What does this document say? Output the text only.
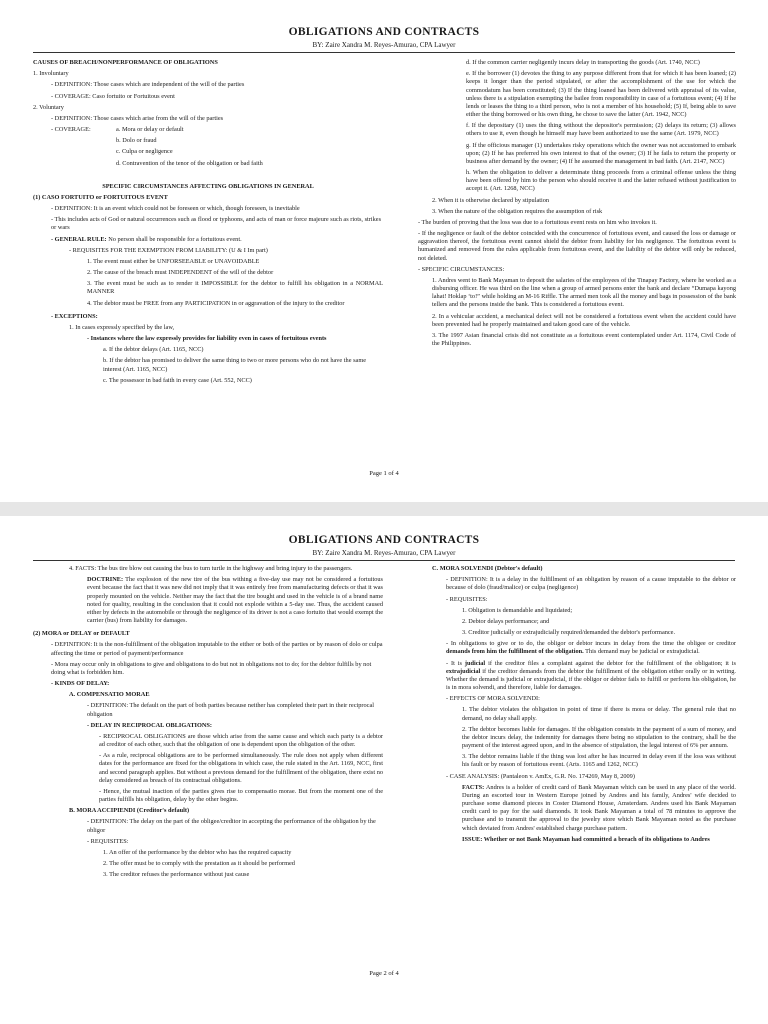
OBLIGATIONS AND CONTRACTS
BY: Zaire Xandra M. Reyes-Amurao, CPA Lawyer

CAUSES OF BREACH/NONPERFORMANCE OF OBLIGATIONS

1. Involuntary

- DEFINITION: Those cases which are independent of the will of the parties

- COVERAGE: Caso fortuito or Fortuitous event

2. Voluntary

- DEFINITION: Those cases which arise from the will of the parties

- COVERAGE:	a. Mora or delay or default

b. Dolo or fraud

c. Culpa or negligence

d. Contravention of the tenor of the obligation or bad faith

SPECIFIC CIRCUMSTANCES AFFECTING OBLIGATIONS IN GENERAL

(1) CASO FORTUITO or FORTUITOUS EVENT

- DEFINITION: It is an event which could not be foreseen or which, though foreseen, is inevitable

- This includes acts of God or natural occurrences such as flood or typhoons, and acts of man or force majeure such as riots, strikes or wars

- GENERAL RULE: No person shall be responsible for a fortuitous event.

- REQUISITES FOR THE EXEMPTION FROM LIABILITY: (U & I Im part)

1. The event must either be UNFORSEEABLE or UNAVOIDABLE

2. The cause of the breach must INDEPENDENT of the will of the debtor

3. The event must be such as to render it IMPOSSIBLE for the debtor to fulfill his obligation in a NORMAL MANNER

4. The debtor must be FREE from any PARTICIPATION in or aggravation of the injury to the creditor

- EXCEPTIONS:

1. In cases expressly specified by the law,

- Instances where the law expressly provides for liability even in cases of fortuitous events

a. If the debtor delays (Art. 1165, NCC)

b. If the debtor has promised to deliver the same thing to two or more persons who do not have the same interest (Art. 1165, NCC)

c. The possessor in bad faith in every case (Art. 552, NCC)

d. If the common carrier negligently incurs delay in transporting the goods (Art. 1740, NCC)

e. If the borrower (1) devotes the thing to any purpose different from that for which it has been loaned; (2) keeps it longer than the period stipulated, or after the accomplishment of the use for which the commodatum has been constituted; (3) If the thing loaned has been delivered with appraisal of its value, unless there is a stipulation exempting the bailee from responsibility in case of a fortuitous event; (4) If he lends or leases the thing to a third person, who is not a member of his household; (5) If, being able to save either the thing borrowed or his own thing, he chose to save the latter (Art. 1942, NCC)

f. If the depositary (1) uses the thing without the depositor's permission; (2) delays its return; (3) allows others to use it, even though he himself may have been authorized to use the same (Art. 1979, NCC)

g. If the officious manager (1) undertakes risky operations which the owner was not accustomed to embark upon; (2) If he has preferred his own interest to that of the owner; (3) If he fails to return the property or business after demand by the owner; (4) If he assumed the management in bad faith. (Art. 2147, NCC)

h. When the obligation to deliver a determinate thing proceeds from a criminal offense unless the thing have been offered by him to the person who should receive it and the latter refused without justification to accept it. (Art. 1268, NCC)

2. When it is otherwise declared by stipulation

3. When the nature of the obligation requires the assumption of risk

- The burden of proving that the loss was due to a fortuitous event rests on him who invokes it.

- If the negligence or fault of the debtor coincided with the concurrence of fortuitous event, and caused the loss or damage or aggravation thereof, the fortuitous event cannot shield the debtor from liability for his negligence. The fortuitous event is humanized and removed from the rules applicable from fortuitous event, and the liability of the debtor will only be reduced, not deleted.

- SPECIFIC CIRCUMSTANCES:

1. Andres went to Bank Mayaman to deposit the salaries of the employees of the Tinapay Factory, where he worked as a disbursing officer. He was third on the line when a group of armed persons enter the bank and declare “Dumapa kayong lahat! Hoklap ‘to!” while holding an M-16 Riffle. The armed men took all the money and bags in possession of the bank tellers and the persons inside the bank. This is considered a fortuitous event.

2. In a vehicular accident, a mechanical defect will not be considered a fortuitous event when the accident could have been prevented had he properly maintained and taken good care of the vehicle.

3. The 1997 Asian financial crisis did not constitute as a fortuitous event contemplated under Art. 1174, Civil Code of the Philippines.

Page 1 of 4
OBLIGATIONS AND CONTRACTS
BY: Zaire Xandra M. Reyes-Amurao, CPA Lawyer

4. FACTS: The bus tire blow out causing the bus to turn turtle in the highway and bring injury to the passengers.

DOCTRINE: The explosion of the new tire of the bus withing a five-day use may not be considered a fortuitous event because the fact that it was new did not imply that it was entirely free from manufacturing defects or that it was properly mounted on the vehicle. Neither may the fact that the tire bought and used in the vehicle is of a brand name noted for quality, resulting in the conclusion that it could not explode within a 5-day use. Thus, the accident caused either by defects in the automobile or through the negligence of its driver is not a caso fortuito that would exempt the carrier (bus) from liability for damages.

(2) MORA or DELAY or DEFAULT

- DEFINITION: It is the non-fulfillment of the obligation imputable to the either or both of the parties or by reason of dolo or culpa affecting the time or period of payment/performance

- Mora may occur only in obligations to give and obligations to do but not in obligations not to do; for the debtor fulfills by not doing what is forbidden him.

- KINDS OF DELAY:

A. COMPENSATIO MORAE

- DEFINITION: The default on the part of both parties because neither has completed their part in their reciprocal obligation

- DELAY IN RECIPROCAL OBLIGATIONS:

- RECIPROCAL OBLIGATIONS are those which arise from the same cause and which each party is a debtor ad creditor of each other, such that the obligation of one is dependent upon the obligation of the other.

- As a rule, reciprocal obligations are to be performed simultaneously. The rule does not apply when different dates for the performance are fixed for the obligations in which case, the rule stated in the Art. 1169, NCC, first and second paragraph applies. But without a previous demand for the fulfillment of the obligation, there exist no delay considered as breach of its contractual obligations.

- Hence, the mutual inaction of the parties gives rise to compensatio morae. But from the moment one of the parties fulfills his obligation, delay by the other begins.

B. MORA ACCIPIENDI (Creditor's default)

- DEFINITION: The delay on the part of the obligee/creditor in accepting the performance of the obligation by the obligor

- REQUISITES:

1. An offer of the performance by the debtor who has the required capacity

2. The offer must be to comply with the prestation as it should be performed

3. The creditor refuses the performance without just cause

C. MORA SOLVENDI (Debtor's default)

- DEFINITION: It is a delay in the fulfillment of an obligation by reason of a cause imputable to the debtor or because of dolo (fraud/malice) or culpa (negligence)

- REQUISITES:

1. Obligation is demandable and liquidated;

2. Debtor delays performance; and

3. Creditor judicially or extrajudicially required/demanded the debtor's performance.

- In obligations to give or to do, the obligor or debtor incurs in delay from the time the obligee or creditor demands from him the fulfillment of the obligation. This demand may be judicial or extrajudicial.

- It is judicial if the creditor files a complaint against the debtor for the fulfillment of the obligation; it is extrajudicial if the creditor demands from the debtor the fulfillment of the obligation either orally or in writing. Whether the demand is judicial or extrajudicial, if the obligor or debtor fails to fulfill or perform his obligation, he is in mora solvendi, and therefore, liable for damages.

- EFFECTS OF MORA SOLVENDI:

1. The debtor violates the obligation in point of time if there is mora or delay. The general rule that no demand, no delay shall apply.

2. The debtor becomes liable for damages. If the obligation consists in the payment of a sum of money, and the debtor incurs delay, the indemnity for damages there being no stipulation to the contrary, shall be the payment of the interest agreed upon, and in the absence of stipulation, the legal interest of 6% per annum.

3. The debtor remains liable if the thing was lost after he has incurred in delay even if the loss was without his fault or by reason of fortuitous event. (Arts. 1165 and 1262, NCC)

- CASE ANALYSIS: (Pantaleon v. AmEx, G.R. No. 174269, May 8, 2009)

FACTS: Andres is a holder of credit card of Bank Mayaman which can be used in any place of the world. During an escorted tour in Western Europe joined by Andres and his family, Andres' wife decided to purchase some diamond pieces in Coster Diamond House, Amsterdam. Andres used his Bank Mayaman credit card to pay for the said diamonds. It took Bank Mayaman a total of 78 minutes to approve the purchase and to transmit the approval to the jewelry store which Bank Mayaman noted as the purchase which deviated from Andres' established charge purchase pattern.

ISSUE: Whether or not Bank Mayaman had committed a breach of its obligations to Andres

Page 2 of 4
